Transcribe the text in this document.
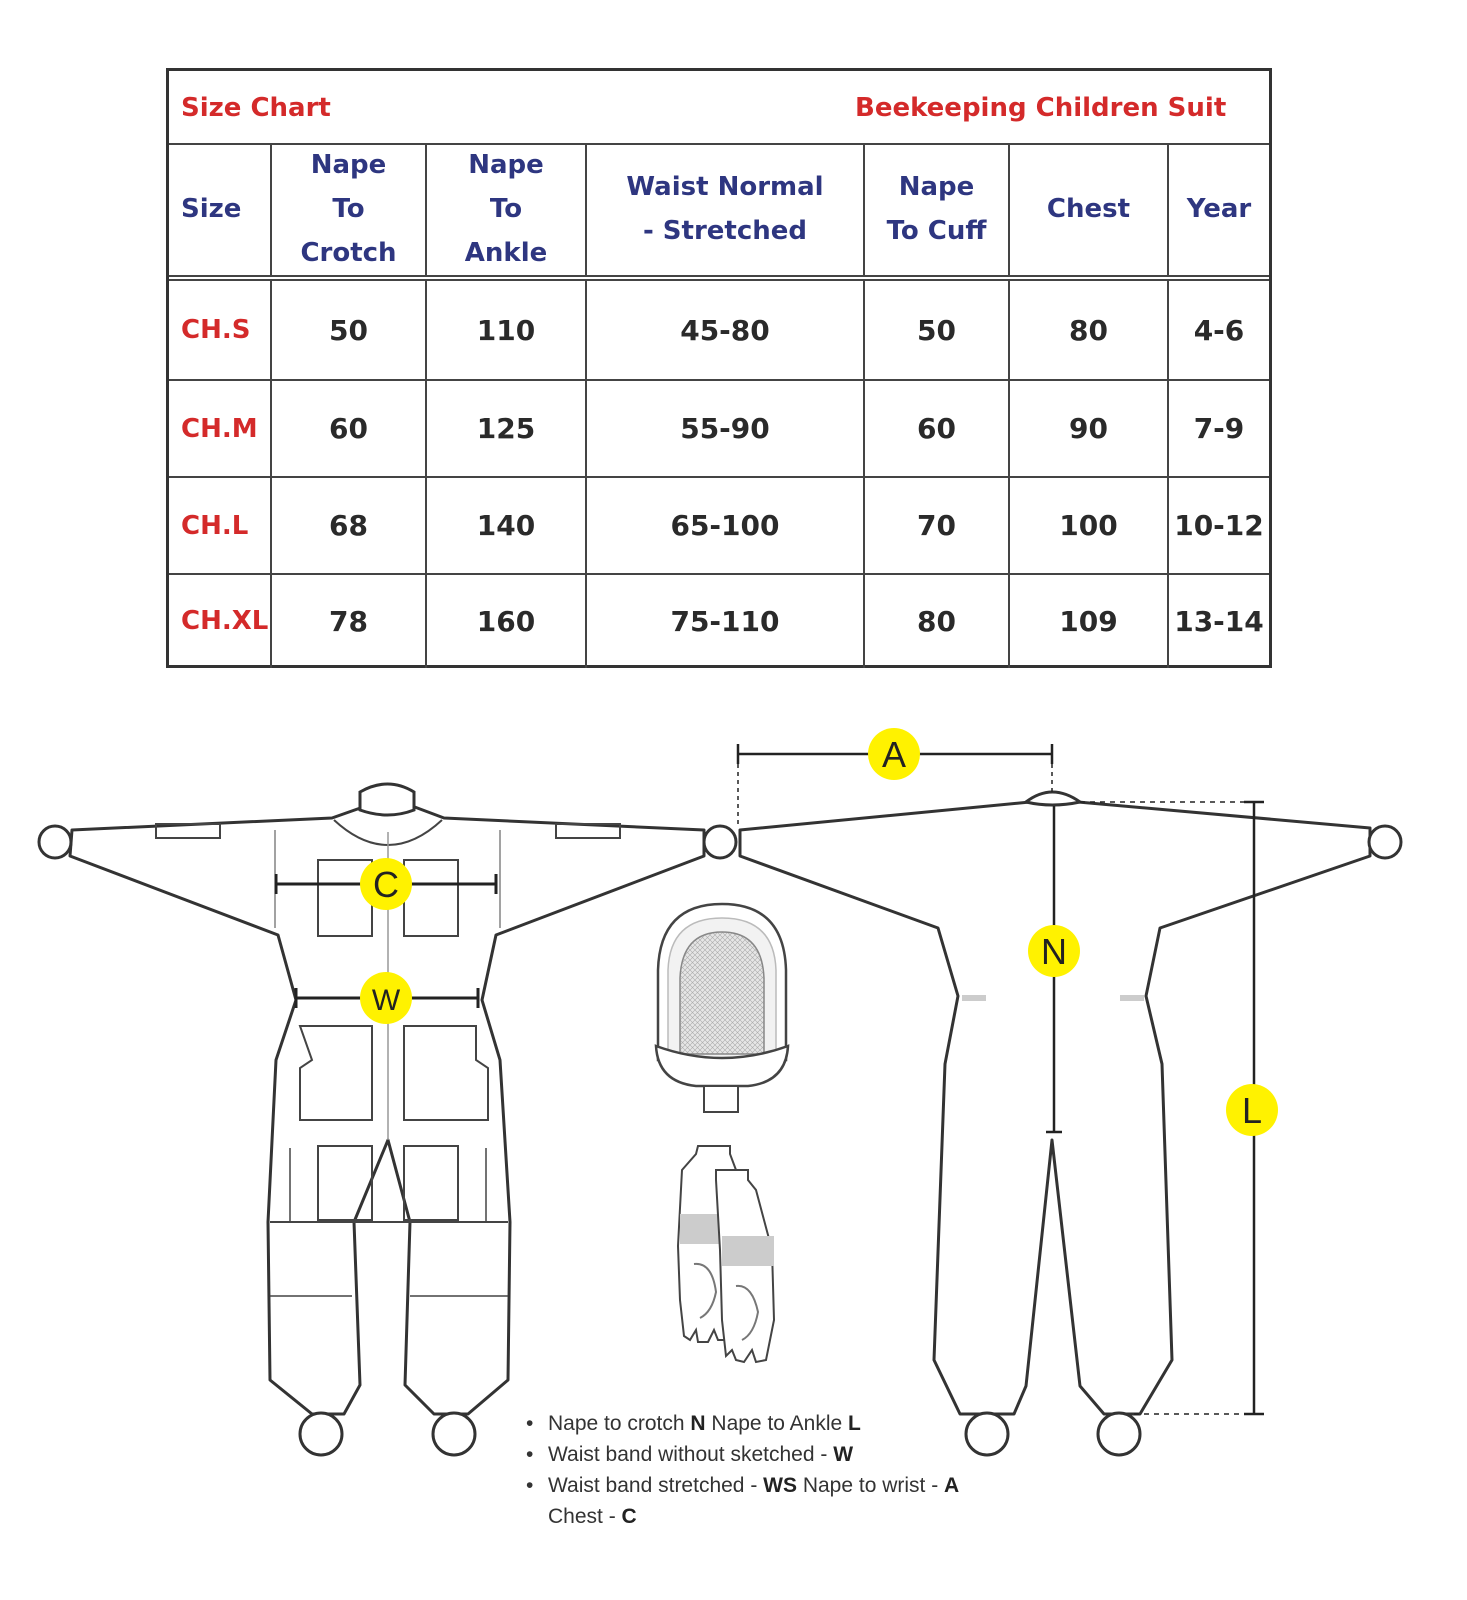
Size Chart	Beekeeping Children Suit
Size	Nape To Crotch	Nape To Ankle	Waist Normal - Stretched	Nape To Cuff	Chest	Year
CH.S	50	110	45-80	50	80	4-6
CH.M	60	125	55-90	60	90	7-9
CH.L	68	140	65-100	70	100	10-12
CH.XL	78	160	75-110	80	109	13-14
A
C
W
N
L
• Nape to crotch N Nape to Ankle L
• Waist band without sketched - W
• Waist band stretched - WS Nape to wrist - A
Chest - C
